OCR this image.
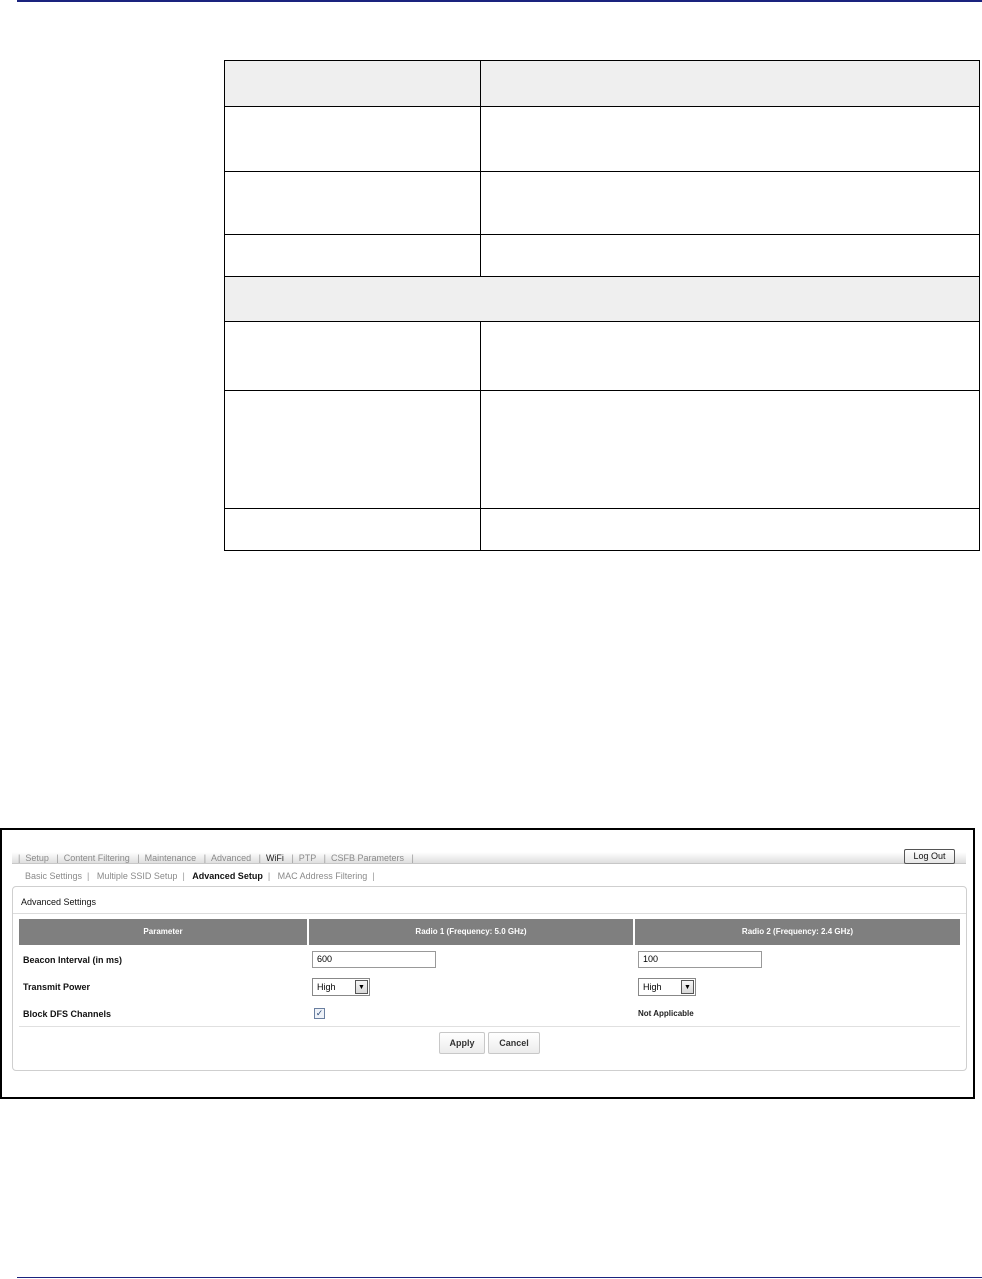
| Setup | Content Filtering | Maintenance | Advanced | WiFi | PTP | CSFB Parameters |	Log Out
Basic Settings | Multiple SSID Setup | Advanced Setup | MAC Address Filtering |
Advanced Settings
Parameter	Radio 1 (Frequency: 5.0 GHz)	Radio 2 (Frequency: 2.4 GHz)
Beacon Interval (in ms)	600	100
Transmit Power	High	▼	High	▼
Block DFS Channels	✓	Not Applicable
Apply	Cancel
